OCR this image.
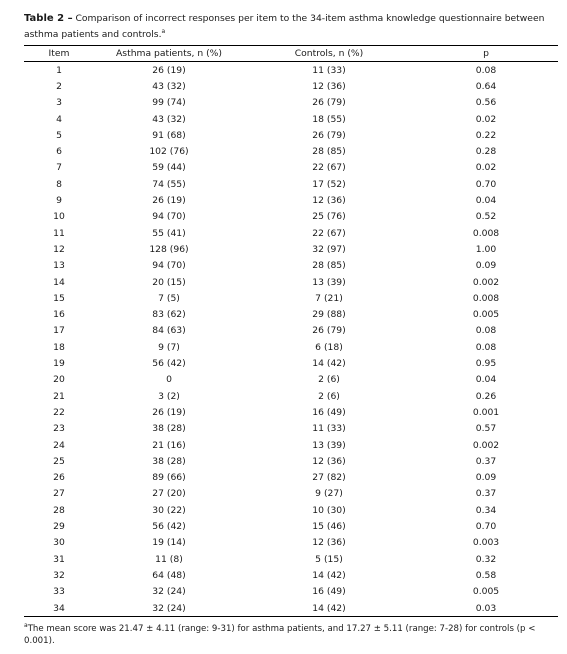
Table 2 – Comparison of incorrect responses per item to the 34-item asthma knowledge questionnaire between asthma patients and controls.$^a$

Item	Asthma patients, n (%)	Controls, n (%)	p
1	26 (19)	11 (33)	0.08
2	43 (32)	12 (36)	0.64
3	99 (74)	26 (79)	0.56
4	43 (32)	18 (55)	0.02
5	91 (68)	26 (79)	0.22
6	102 (76)	28 (85)	0.28
7	59 (44)	22 (67)	0.02
8	74 (55)	17 (52)	0.70
9	26 (19)	12 (36)	0.04
10	94 (70)	25 (76)	0.52
11	55 (41)	22 (67)	0.008
12	128 (96)	32 (97)	1.00
13	94 (70)	28 (85)	0.09
14	20 (15)	13 (39)	0.002
15	7 (5)	7 (21)	0.008
16	83 (62)	29 (88)	0.005
17	84 (63)	26 (79)	0.08
18	9 (7)	6 (18)	0.08
19	56 (42)	14 (42)	0.95
20	0	2 (6)	0.04
21	3 (2)	2 (6)	0.26
22	26 (19)	16 (49)	0.001
23	38 (28)	11 (33)	0.57
24	21 (16)	13 (39)	0.002
25	38 (28)	12 (36)	0.37
26	89 (66)	27 (82)	0.09
27	27 (20)	9 (27)	0.37
28	30 (22)	10 (30)	0.34
29	56 (42)	15 (46)	0.70
30	19 (14)	12 (36)	0.003
31	11 (8)	5 (15)	0.32
32	64 (48)	14 (42)	0.58
33	32 (24)	16 (49)	0.005
34	32 (24)	14 (42)	0.03
$^a$The mean score was 21.47 ± 4.11 (range: 9-31) for asthma patients, and 17.27 ± 5.11 (range: 7-28) for controls (p < 0.001).
